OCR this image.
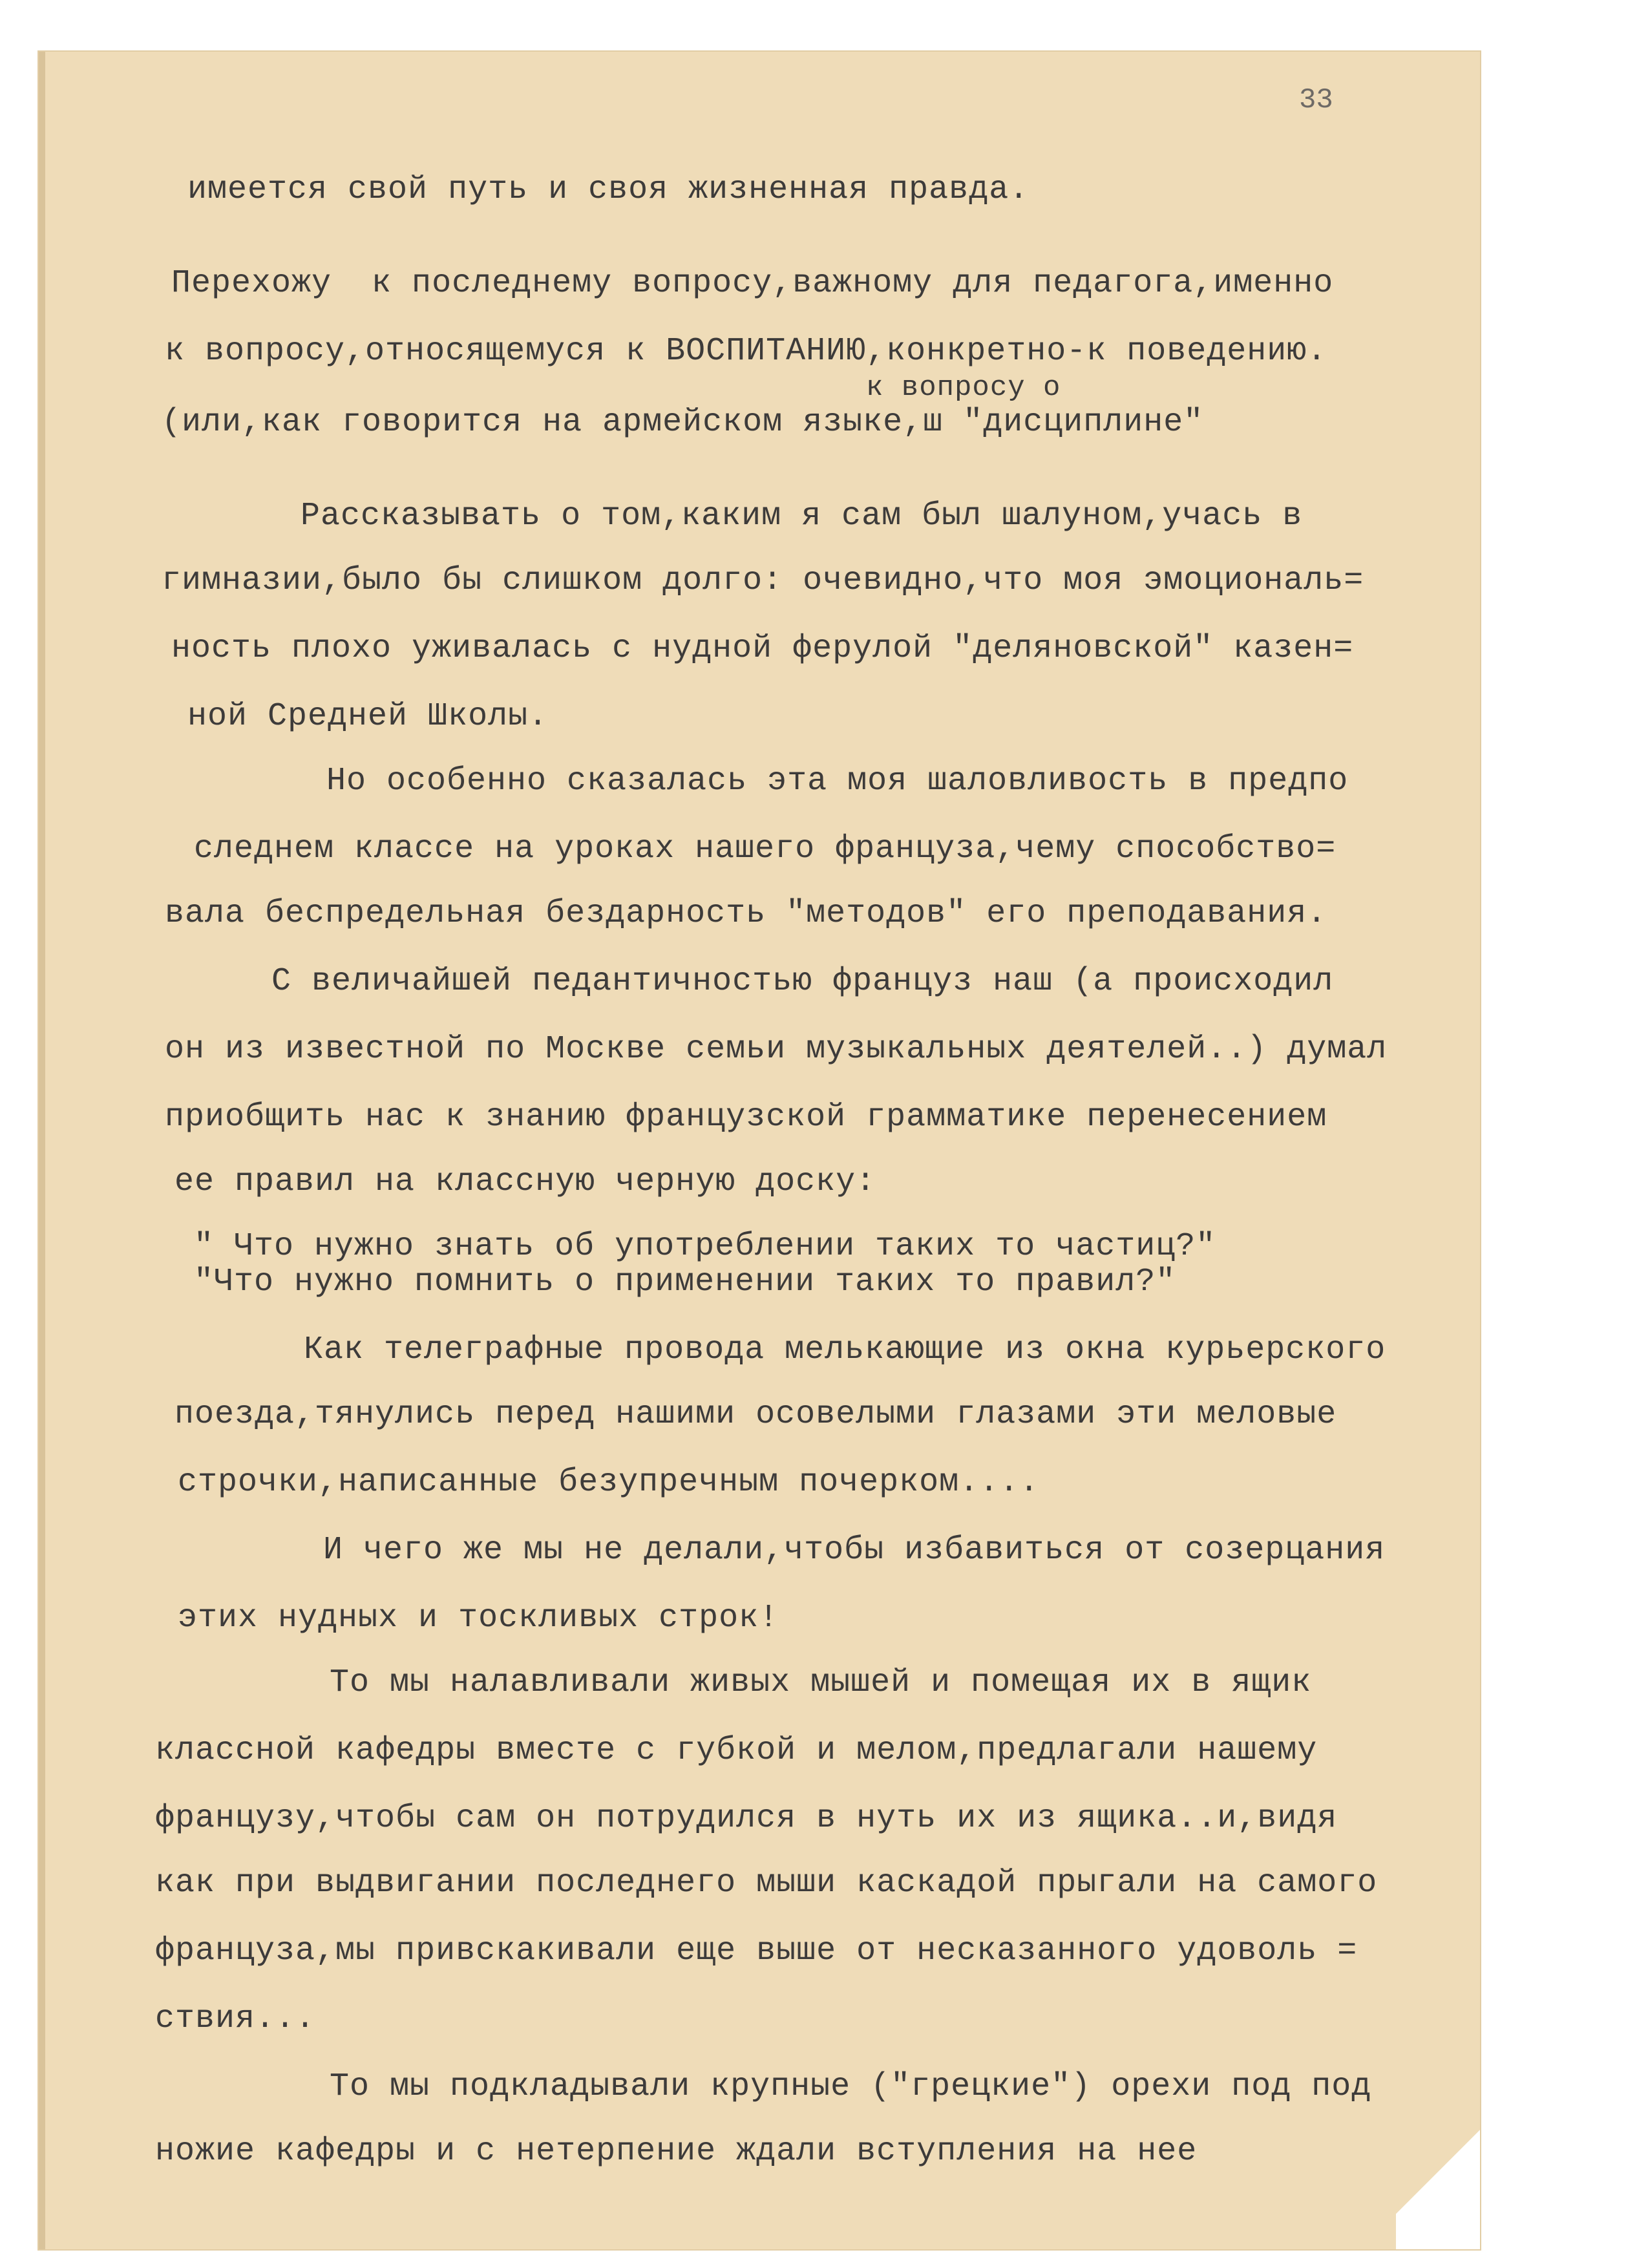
33
имеется свой путь и своя жизненная правда.
Перехожу  к последнему вопросу,важному для педагога,именно
к вопросу,относящемуся к ВОСПИТАНИЮ,конкретно-к поведению.
к вопросу о
(или,как говорится на армейском языке,ш "дисциплине"
Рассказывать о том,каким я сам был шалуном,учась в
гимназии,было бы слишком долго: очевидно,что моя эмоциональ=
ность плохо уживалась с нудной ферулой "деляновской" казен=
ной Средней Школы.
Но особенно сказалась эта моя шаловливость в предпо
следнем классе на уроках нашего француза,чему способство=
вала беспредельная бездарность "методов" его преподавания.
С величайшей педантичностью француз наш (а происходил
он из известной по Москве семьи музыкальных деятелей..) думал
приобщить нас к знанию французской грамматике перенесением
ее правил на классную черную доску:
" Что нужно знать об употреблении таких то частиц?"
"Что нужно помнить о применении таких то правил?"
Как телеграфные провода мелькающие из окна курьерского
поезда,тянулись перед нашими осовелыми глазами эти меловые
строчки,написанные безупречным почерком....
И чего же мы не делали,чтобы избавиться от созерцания
этих нудных и тоскливых строк!
То мы налавливали живых мышей и помещая их в ящик
классной кафедры вместе с губкой и мелом,предлагали нашему
французу,чтобы сам он потрудился в нуть их из ящика..и,видя
как при выдвигании последнего мыши каскадой прыгали на самого
француза,мы привскакивали еще выше от несказанного удоволь =
ствия...
То мы подкладывали крупные ("грецкие") орехи под под
ножие кафедры и с нетерпение ждали вступления на нее
